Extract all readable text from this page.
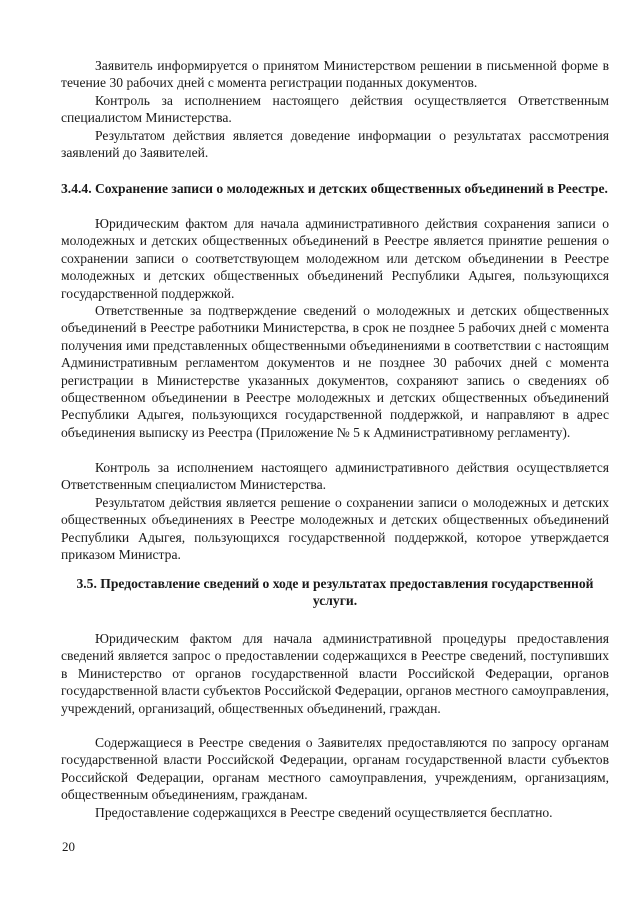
Заявитель информируется о принятом Министерством решении в письменной форме в течение 30 рабочих дней с момента регистрации поданных документов.

Контроль за исполнением настоящего действия осуществляется Ответственным специалистом Министерства.

Результатом действия является доведение информации о результатах рассмотрения заявлений до Заявителей.

3.4.4. Сохранение записи о молодежных и детских общественных объединений в Реестре.

Юридическим фактом для начала административного действия сохранения записи о молодежных и детских общественных объединений в Реестре является принятие решения о сохранении записи о соответствующем молодежном или детском объединении в Реестре молодежных и детских общественных объединений Республики Адыгея, пользующихся государственной поддержкой.

Ответственные за подтверждение сведений о молодежных и детских общественных объединений в Реестре работники Министерства, в срок не позднее 5 рабочих дней с момента получения ими представленных общественными объединениями в соответствии с настоящим Административным регламентом документов и не позднее 30 рабочих дней с момента регистрации в Министерстве указанных документов, сохраняют запись о сведениях об общественном объединении в Реестре молодежных и детских общественных объединений Республики Адыгея, пользующихся государственной поддержкой, и направляют в адрес объединения выписку из Реестра (Приложение № 5 к Административному регламенту).

Контроль за исполнением настоящего административного действия осуществляется Ответственным специалистом Министерства.

Результатом действия является решение о сохранении записи о молодежных и детских общественных объединениях в Реестре молодежных и детских общественных объединений Республики Адыгея, пользующихся государственной поддержкой, которое утверждается приказом Министра.

3.5. Предоставление сведений о ходе и результатах предоставления государственной услуги.

Юридическим фактом для начала административной процедуры предоставления сведений является запрос о предоставлении содержащихся в Реестре сведений, поступивших в Министерство от органов государственной власти Российской Федерации, органов государственной власти субъектов Российской Федерации, органов местного самоуправления, учреждений, организаций, общественных объединений, граждан.

Содержащиеся в Реестре сведения о Заявителях предоставляются по запросу органам государственной власти Российской Федерации, органам государственной власти субъектов Российской Федерации, органам местного самоуправления, учреждениям, организациям, общественным объединениям, гражданам.

Предоставление содержащихся в Реестре сведений осуществляется бесплатно.

20
